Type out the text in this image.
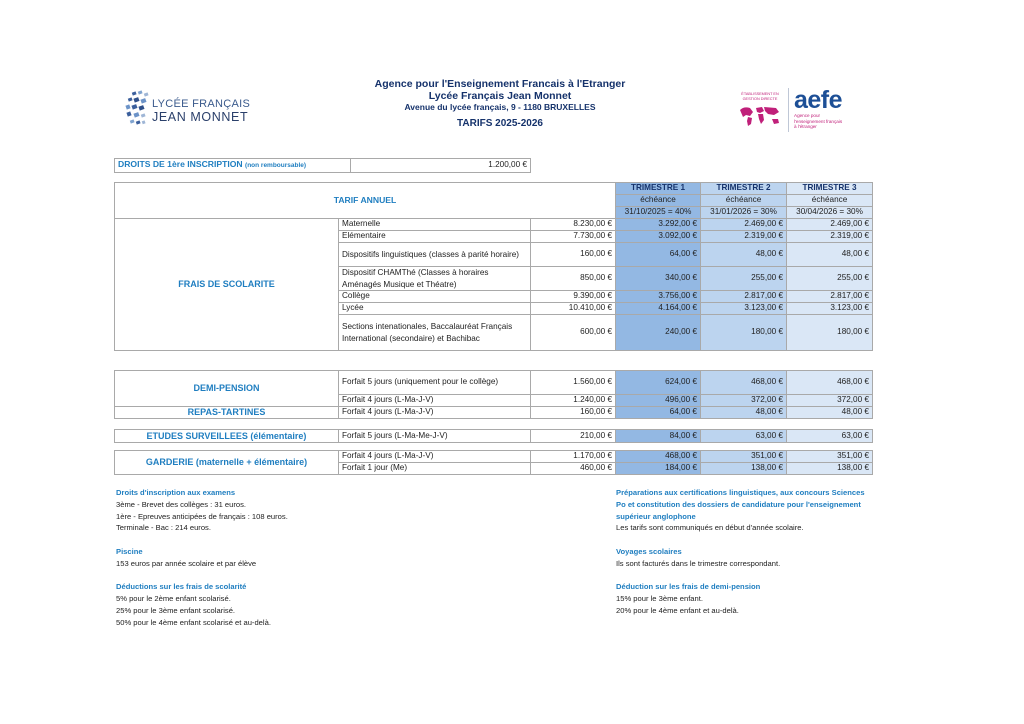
LYCÉE FRANÇAIS
JEAN MONNET
Agence pour l'Enseignement Francais à l'Etranger
Lycée Français Jean Monnet
Avenue du lycée français, 9 - 1180 BRUXELLES
TARIFS 2025-2026
ÉTABLISSEMENT EN GESTION DIRECTE aefe
Agence pour
l'enseignement français
à l'étranger
DROITS DE 1ère INSCRIPTION (non remboursable)	1.200,00 €
TARIF ANNUEL			TRIMESTRE 1	TRIMESTRE 2	TRIMESTRE 3
			échéance	échéance	échéance
			31/10/2025 = 40%	31/01/2026 = 30%	30/04/2026 = 30%
FRAIS DE SCOLARITE	Maternelle	8.230,00 €	3.292,00 €	2.469,00 €	2.469,00 €
	Elémentaire	7.730,00 €	3.092,00 €	2.319,00 €	2.319,00 €
	Dispositifs linguistiques (classes à parité horaire)	160,00 €	64,00 €	48,00 €	48,00 €
	Dispositif CHAMThé (Classes à horaires Aménagés Musique et Théatre)	850,00 €	340,00 €	255,00 €	255,00 €
	Collège	9.390,00 €	3.756,00 €	2.817,00 €	2.817,00 €
	Lycée	10.410,00 €	4.164,00 €	3.123,00 €	3.123,00 €
	Sections intenationales, Baccalauréat Français International (secondaire) et Bachibac	600,00 €	240,00 €	180,00 €	180,00 €
DEMI-PENSION	Forfait 5 jours (uniquement pour le collège)	1.560,00 €	624,00 €	468,00 €	468,00 €
	Forfait 4 jours (L-Ma-J-V)	1.240,00 €	496,00 €	372,00 €	372,00 €
REPAS-TARTINES	Forfait 4 jours (L-Ma-J-V)	160,00 €	64,00 €	48,00 €	48,00 €
ETUDES SURVEILLEES (élémentaire)	Forfait 5 jours (L-Ma-Me-J-V)	210,00 €	84,00 €	63,00 €	63,00 €
GARDERIE (maternelle + élémentaire)	Forfait 4 jours (L-Ma-J-V)	1.170,00 €	468,00 €	351,00 €	351,00 €
	Forfait 1 jour (Me)	460,00 €	184,00 €	138,00 €	138,00 €
Droits d'inscription aux examens
3ème - Brevet des collèges : 31 euros.
1ère - Epreuves anticipées de français : 108 euros.
Terminale - Bac : 214 euros.
Piscine
153 euros par année scolaire et par élève
Déductions sur les frais de scolarité
5% pour le 2ème enfant scolarisé.
25% pour le 3ème enfant scolarisé.
50% pour le 4ème enfant scolarisé et au-delà.
Préparations aux certifications linguistiques, aux concours Sciences
Po et constitution des dossiers de candidature pour l'enseignement
supérieur anglophone
Les tarifs sont communiqués en début d'année scolaire.
Voyages scolaires
Ils sont facturés dans le trimestre correspondant.
Déduction sur les frais de demi-pension
15% pour le 3ème enfant.
20% pour le 4ème enfant et au-delà.
